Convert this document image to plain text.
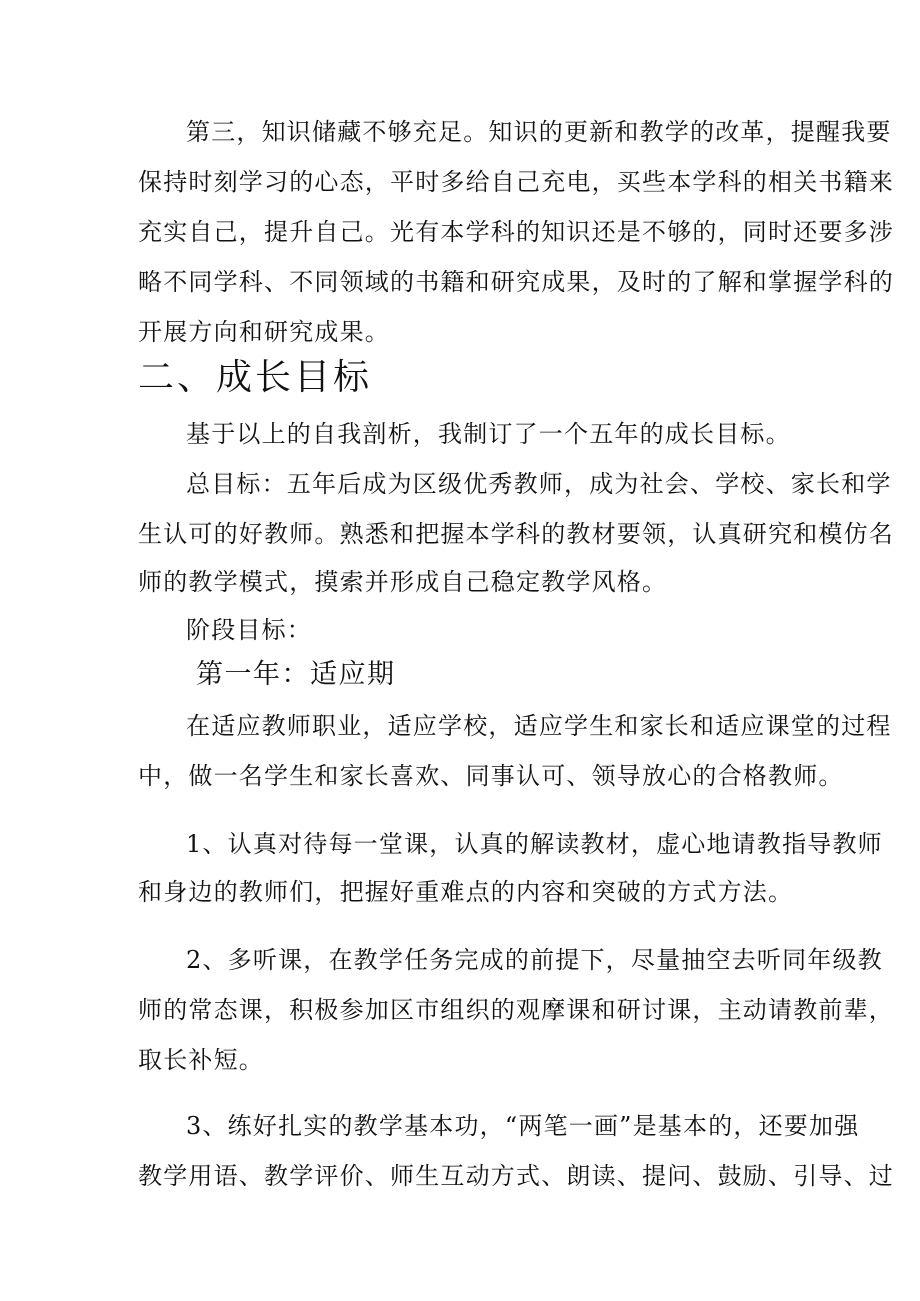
第三，知识储藏不够充足。知识的更新和教学的改革，提醒我要
保持时刻学习的心态，平时多给自己充电，买些本学科的相关书籍来
充实自己，提升自己。光有本学科的知识还是不够的，同时还要多涉
略不同学科、不同领域的书籍和研究成果，及时的了解和掌握学科的
开展方向和研究成果。
二、成长目标
基于以上的自我剖析，我制订了一个五年的成长目标。
总目标：五年后成为区级优秀教师，成为社会、学校、家长和学
生认可的好教师。熟悉和把握本学科的教材要领，认真研究和模仿名
师的教学模式，摸索并形成自己稳定教学风格。
阶段目标：
第一年：适应期
在适应教师职业，适应学校，适应学生和家长和适应课堂的过程
中，做一名学生和家长喜欢、同事认可、领导放心的合格教师。
1、认真对待每一堂课，认真的解读教材，虚心地请教指导教师
和身边的教师们，把握好重难点的内容和突破的方式方法。
2、多听课，在教学任务完成的前提下，尽量抽空去听同年级教
师的常态课，积极参加区市组织的观摩课和研讨课，主动请教前辈，
取长补短。
3、练好扎实的教学基本功，“两笔一画”是基本的，还要加强
教学用语、教学评价、师生互动方式、朗读、提问、鼓励、引导、过
